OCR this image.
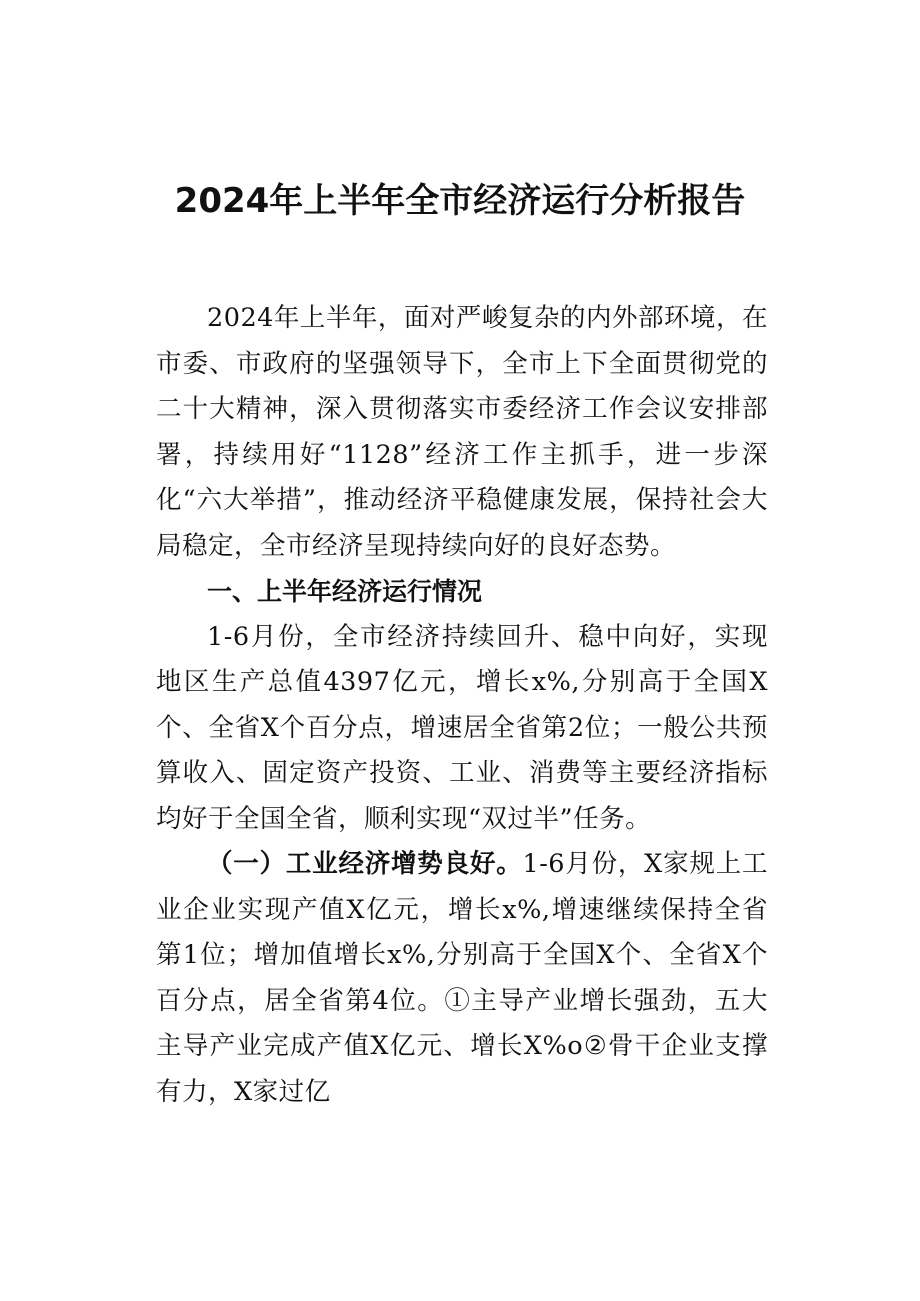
2024年上半年全市经济运行分析报告

2024年上半年，面对严峻复杂的内外部环境，在市委、市政府的坚强领导下，全市上下全面贯彻党的二十大精神，深入贯彻落实市委经济工作会议安排部署，持续用好“1128”经济工作主抓手，进一步深化“六大举措”，推动经济平稳健康发展，保持社会大局稳定，全市经济呈现持续向好的良好态势。

一、上半年经济运行情况

1-6月份，全市经济持续回升、稳中向好，实现地区生产总值4397亿元，增长x%,分别高于全国X个、全省X个百分点，增速居全省第2位；一般公共预算收入、固定资产投资、工业、消费等主要经济指标均好于全国全省，顺利实现“双过半”任务。

（一）工业经济增势良好。1-6月份，X家规上工业企业实现产值X亿元，增长x%,增速继续保持全省第1位；增加值增长x%,分别高于全国X个、全省X个百分点，居全省第4位。①主导产业增长强劲，五大主导产业完成产值X亿元、增长X%o②骨干企业支撑有力，X家过亿
